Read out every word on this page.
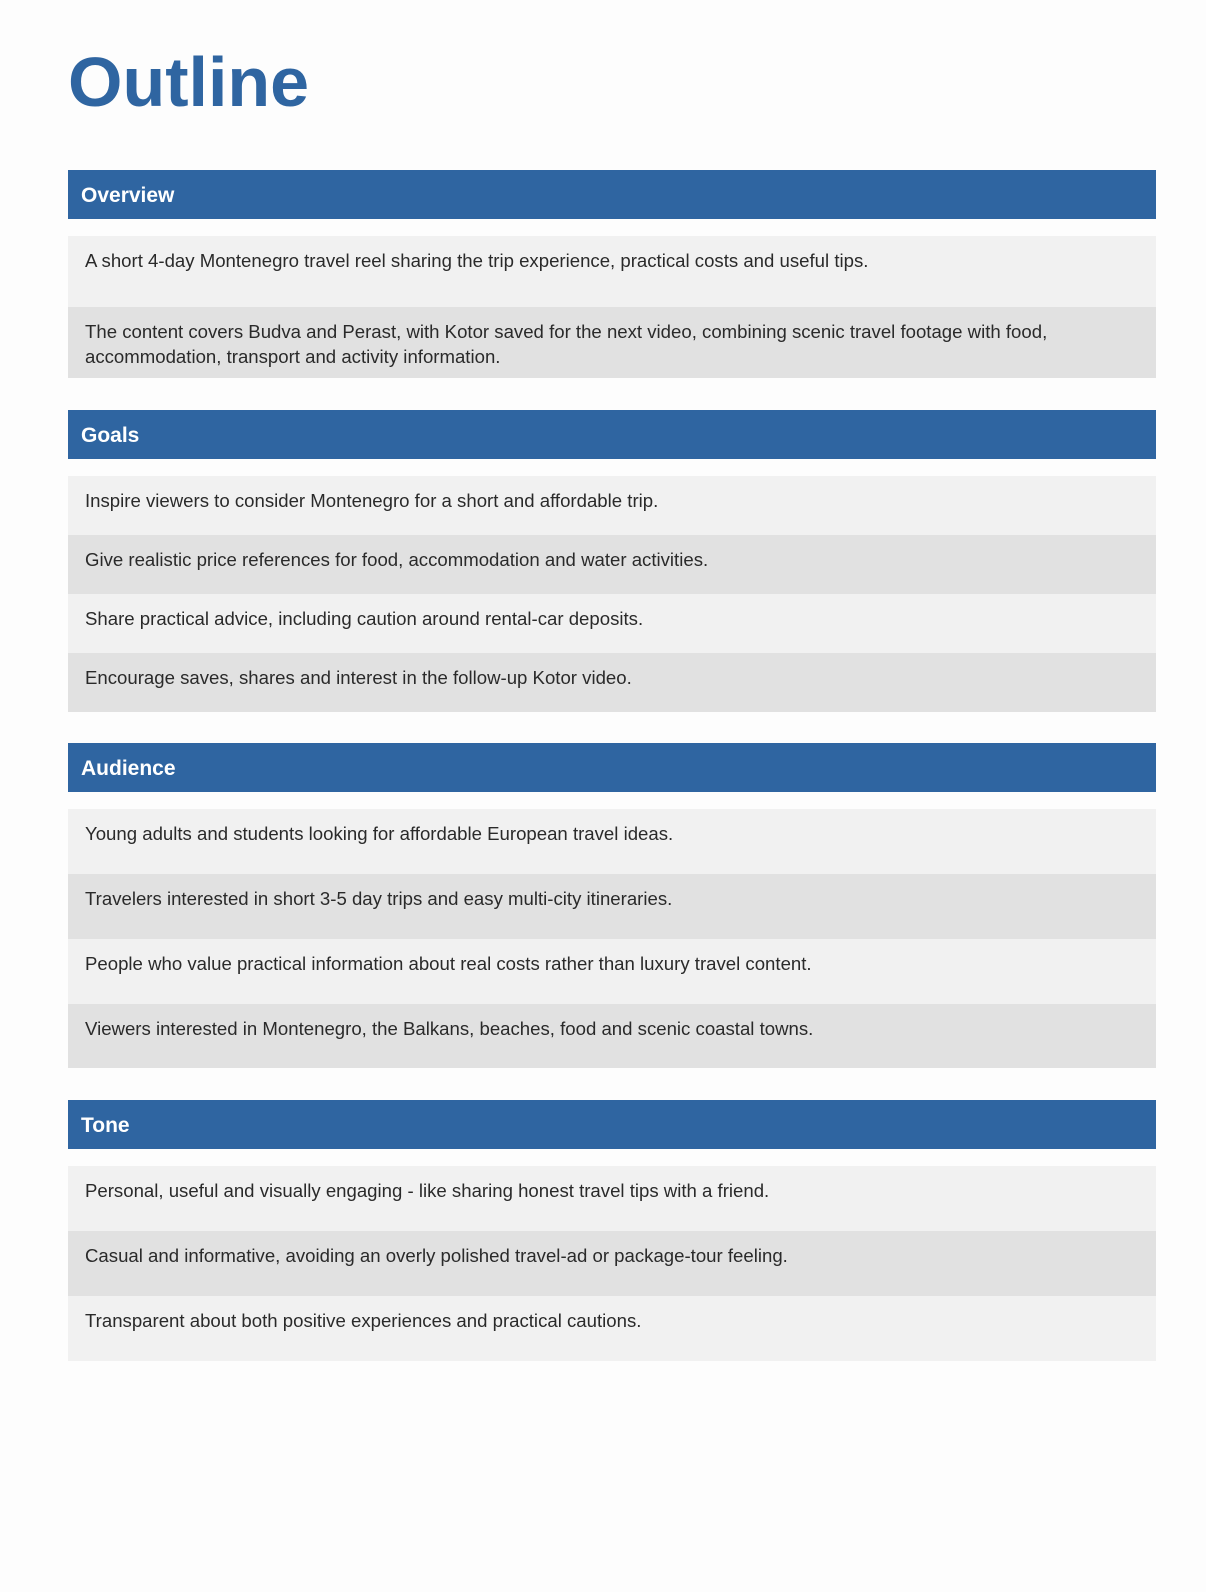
Outline
Overview
A short 4-day Montenegro travel reel sharing the trip experience, practical costs and useful tips.
The content covers Budva and Perast, with Kotor saved for the next video, combining scenic travel footage with food, accommodation, transport and activity information.
Goals
Inspire viewers to consider Montenegro for a short and affordable trip.
Give realistic price references for food, accommodation and water activities.
Share practical advice, including caution around rental-car deposits.
Encourage saves, shares and interest in the follow-up Kotor video.
Audience
Young adults and students looking for affordable European travel ideas.
Travelers interested in short 3-5 day trips and easy multi-city itineraries.
People who value practical information about real costs rather than luxury travel content.
Viewers interested in Montenegro, the Balkans, beaches, food and scenic coastal towns.
Tone
Personal, useful and visually engaging - like sharing honest travel tips with a friend.
Casual and informative, avoiding an overly polished travel-ad or package-tour feeling.
Transparent about both positive experiences and practical cautions.
